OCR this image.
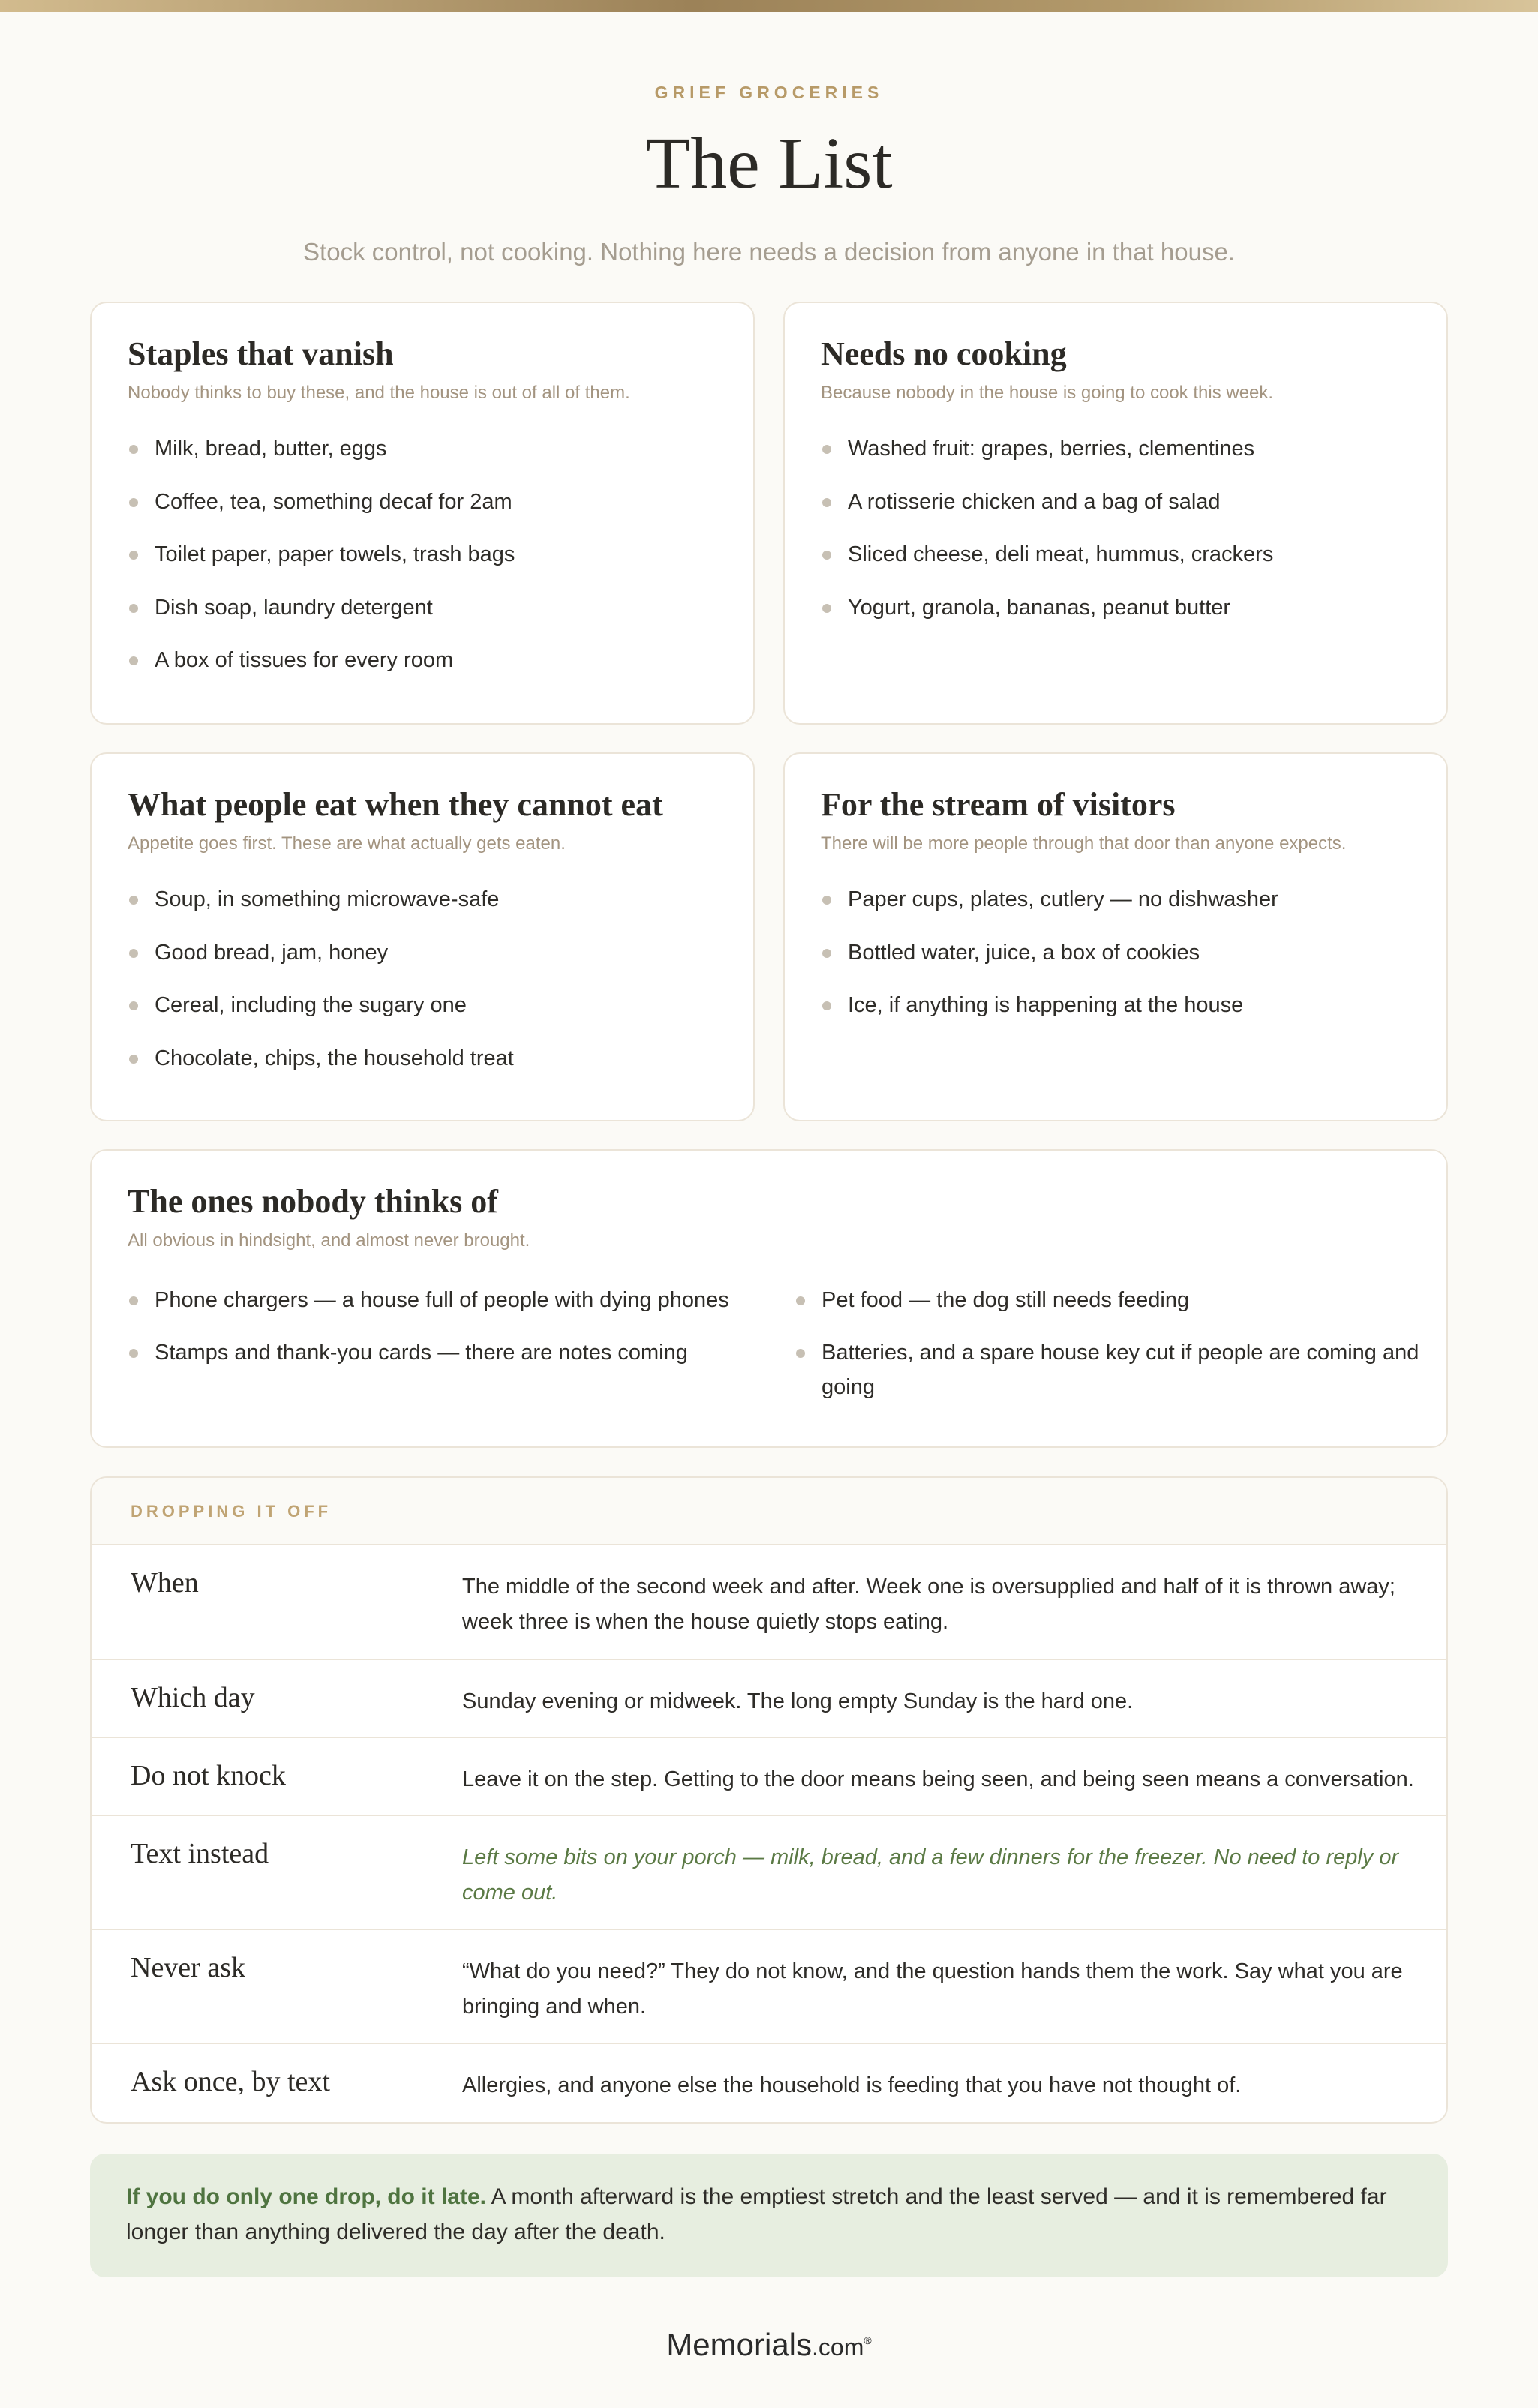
GRIEF GROCERIES
The List
Stock control, not cooking. Nothing here needs a decision from anyone in that house.
Staples that vanish
Nobody thinks to buy these, and the house is out of all of them.
Milk, bread, butter, eggs
Coffee, tea, something decaf for 2am
Toilet paper, paper towels, trash bags
Dish soap, laundry detergent
A box of tissues for every room
Needs no cooking
Because nobody in the house is going to cook this week.
Washed fruit: grapes, berries, clementines
A rotisserie chicken and a bag of salad
Sliced cheese, deli meat, hummus, crackers
Yogurt, granola, bananas, peanut butter
What people eat when they cannot eat
Appetite goes first. These are what actually gets eaten.
Soup, in something microwave-safe
Good bread, jam, honey
Cereal, including the sugary one
Chocolate, chips, the household treat
For the stream of visitors
There will be more people through that door than anyone expects.
Paper cups, plates, cutlery — no dishwasher
Bottled water, juice, a box of cookies
Ice, if anything is happening at the house
The ones nobody thinks of
All obvious in hindsight, and almost never brought.
Phone chargers — a house full of people with dying phones
Stamps and thank-you cards — there are notes coming
Pet food — the dog still needs feeding
Batteries, and a spare house key cut if people are coming and going
DROPPING IT OFF
When	The middle of the second week and after. Week one is oversupplied and half of it is thrown away; week three is when the house quietly stops eating.
Which day	Sunday evening or midweek. The long empty Sunday is the hard one.
Do not knock	Leave it on the step. Getting to the door means being seen, and being seen means a conversation.
Text instead	Left some bits on your porch — milk, bread, and a few dinners for the freezer. No need to reply or come out.
Never ask	“What do you need?” They do not know, and the question hands them the work. Say what you are bringing and when.
Ask once, by text	Allergies, and anyone else the household is feeding that you have not thought of.
If you do only one drop, do it late. A month afterward is the emptiest stretch and the least served — and it is remembered far longer than anything delivered the day after the death.
Memorials.com®
